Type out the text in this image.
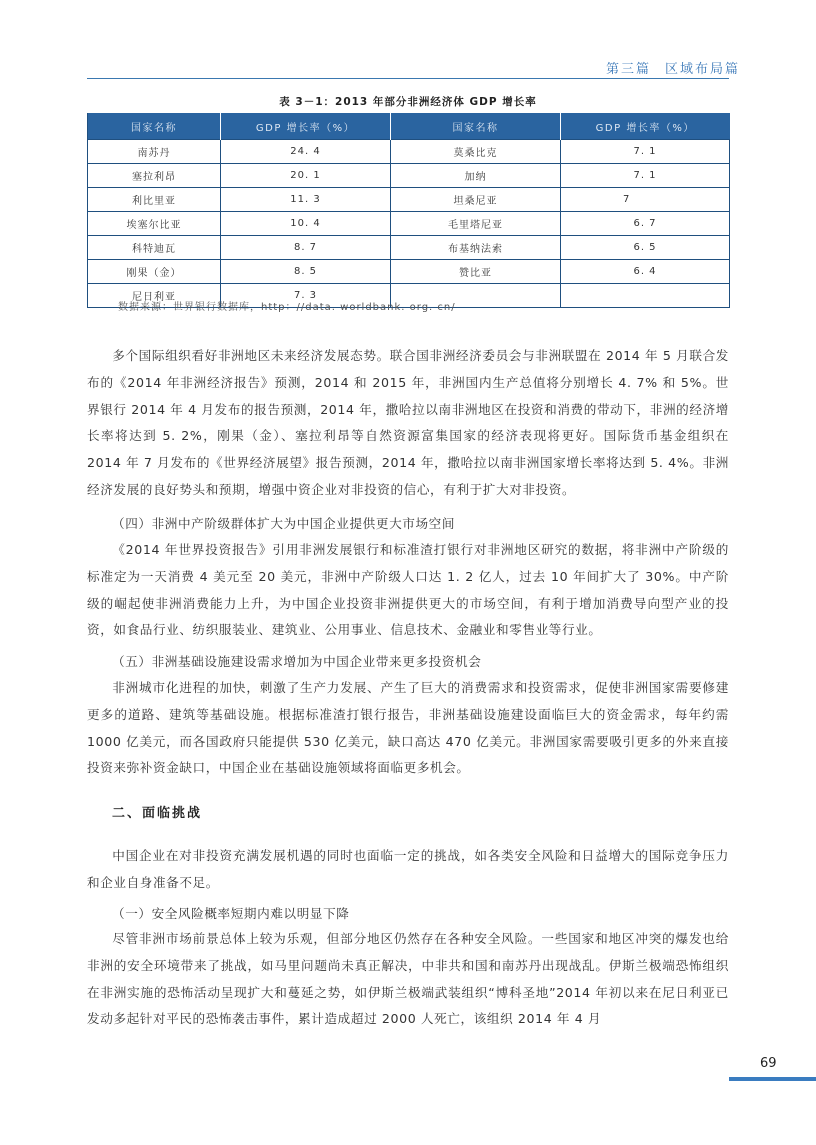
第三篇 区域布局篇
表 3－1：2013 年部分非洲经济体 GDP 增长率
国家名称	GDP 增长率（%）	国家名称	GDP 增长率（%）
南苏丹	24. 4	莫桑比克	7. 1
塞拉利昂	20. 1	加纳	7. 1
利比里亚	11. 3	坦桑尼亚	7
埃塞尔比亚	10. 4	毛里塔尼亚	6. 7
科特迪瓦	8. 7	布基纳法索	6. 5
刚果（金）	8. 5	赞比亚	6. 4
尼日利亚	7. 3		
数据来源：世界银行数据库，http：//data. worldbank. org. cn/

多个国际组织看好非洲地区未来经济发展态势。联合国非洲经济委员会与非洲联盟在 2014 年 5 月联合发布的《2014 年非洲经济报告》预测，2014 和 2015 年，非洲国内生产总值将分别增长 4. 7% 和 5%。世界银行 2014 年 4 月发布的报告预测，2014 年，撒哈拉以南非洲地区在投资和消费的带动下，非洲的经济增长率将达到 5. 2%，刚果（金）、塞拉利昂等自然资源富集国家的经济表现将更好。国际货币基金组织在 2014 年 7 月发布的《世界经济展望》报告预测，2014 年，撒哈拉以南非洲国家增长率将达到 5. 4%。非洲经济发展的良好势头和预期，增强中资企业对非投资的信心，有利于扩大对非投资。

（四）非洲中产阶级群体扩大为中国企业提供更大市场空间

《2014 年世界投资报告》引用非洲发展银行和标准渣打银行对非洲地区研究的数据，将非洲中产阶级的标准定为一天消费 4 美元至 20 美元，非洲中产阶级人口达 1. 2 亿人，过去 10 年间扩大了 30%。中产阶级的崛起使非洲消费能力上升，为中国企业投资非洲提供更大的市场空间，有利于增加消费导向型产业的投资，如食品行业、纺织服装业、建筑业、公用事业、信息技术、金融业和零售业等行业。

（五）非洲基础设施建设需求增加为中国企业带来更多投资机会

非洲城市化进程的加快，刺激了生产力发展、产生了巨大的消费需求和投资需求，促使非洲国家需要修建更多的道路、建筑等基础设施。根据标准渣打银行报告，非洲基础设施建设面临巨大的资金需求，每年约需 1000 亿美元，而各国政府只能提供 530 亿美元，缺口高达 470 亿美元。非洲国家需要吸引更多的外来直接投资来弥补资金缺口，中国企业在基础设施领域将面临更多机会。

二、面临挑战

中国企业在对非投资充满发展机遇的同时也面临一定的挑战，如各类安全风险和日益增大的国际竞争压力和企业自身准备不足。

（一）安全风险概率短期内难以明显下降

尽管非洲市场前景总体上较为乐观，但部分地区仍然存在各种安全风险。一些国家和地区冲突的爆发也给非洲的安全环境带来了挑战，如马里问题尚未真正解决，中非共和国和南苏丹出现战乱。伊斯兰极端恐怖组织在非洲实施的恐怖活动呈现扩大和蔓延之势，如伊斯兰极端武装组织“博科圣地”2014 年初以来在尼日利亚已发动多起针对平民的恐怖袭击事件，累计造成超过 2000 人死亡，该组织 2014 年 4 月

69
